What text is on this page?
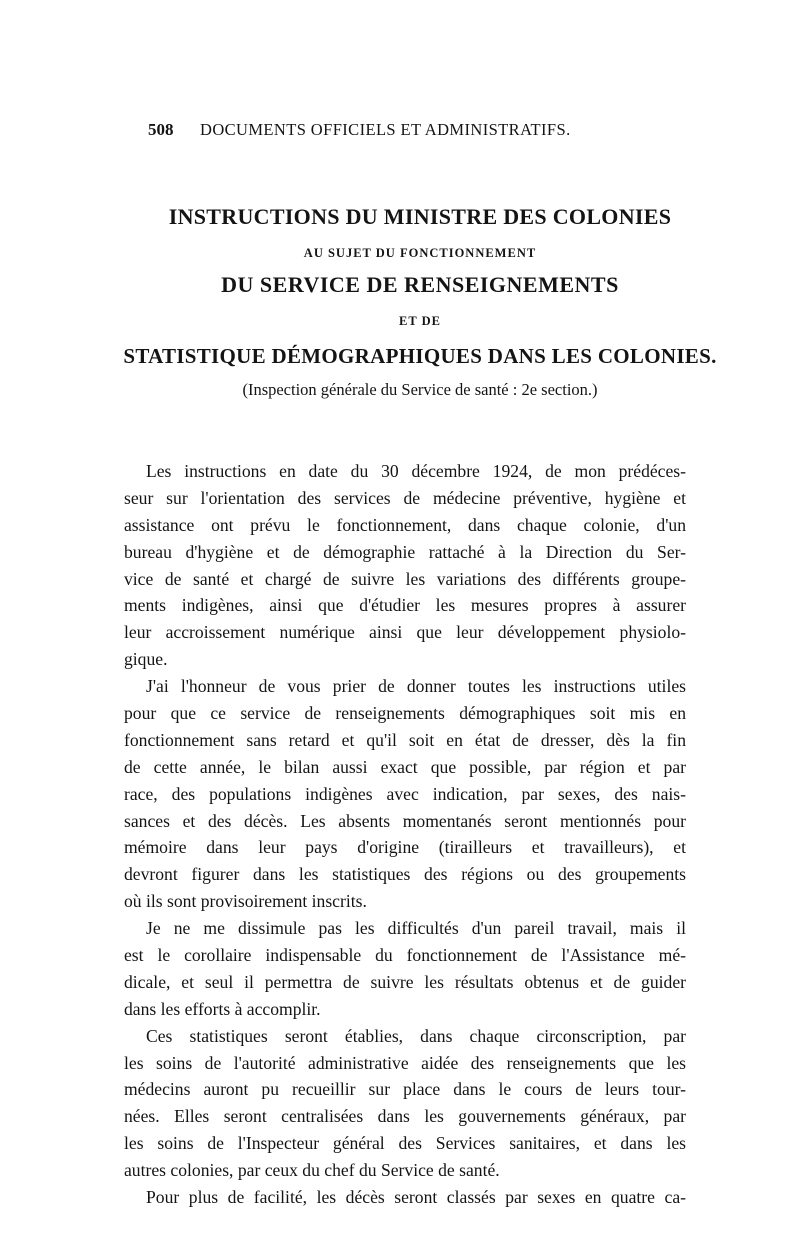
508 DOCUMENTS OFFICIELS ET ADMINISTRATIFS.
INSTRUCTIONS DU MINISTRE DES COLONIES
AU SUJET DU FONCTIONNEMENT
DU SERVICE DE RENSEIGNEMENTS
ET DE
STATISTIQUE DÉMOGRAPHIQUES DANS LES COLONIES.
(Inspection générale du Service de santé : 2e section.)
Les instructions en date du 30 décembre 1924, de mon prédéces-
seur sur l'orientation des services de médecine préventive, hygiène et
assistance ont prévu le fonctionnement, dans chaque colonie, d'un
bureau d'hygiène et de démographie rattaché à la Direction du Ser-
vice de santé et chargé de suivre les variations des différents groupe-
ments indigènes, ainsi que d'étudier les mesures propres à assurer
leur accroissement numérique ainsi que leur développement physiolo-
gique.
J'ai l'honneur de vous prier de donner toutes les instructions utiles
pour que ce service de renseignements démographiques soit mis en
fonctionnement sans retard et qu'il soit en état de dresser, dès la fin
de cette année, le bilan aussi exact que possible, par région et par
race, des populations indigènes avec indication, par sexes, des nais-
sances et des décès. Les absents momentanés seront mentionnés pour
mémoire dans leur pays d'origine (tirailleurs et travailleurs), et
devront figurer dans les statistiques des régions ou des groupements
où ils sont provisoirement inscrits.
Je ne me dissimule pas les difficultés d'un pareil travail, mais il
est le corollaire indispensable du fonctionnement de l'Assistance mé-
dicale, et seul il permettra de suivre les résultats obtenus et de guider
dans les efforts à accomplir.
Ces statistiques seront établies, dans chaque circonscription, par
les soins de l'autorité administrative aidée des renseignements que les
médecins auront pu recueillir sur place dans le cours de leurs tour-
nées. Elles seront centralisées dans les gouvernements généraux, par
les soins de l'Inspecteur général des Services sanitaires, et dans les
autres colonies, par ceux du chef du Service de santé.
Pour plus de facilité, les décès seront classés par sexes en quatre ca-
